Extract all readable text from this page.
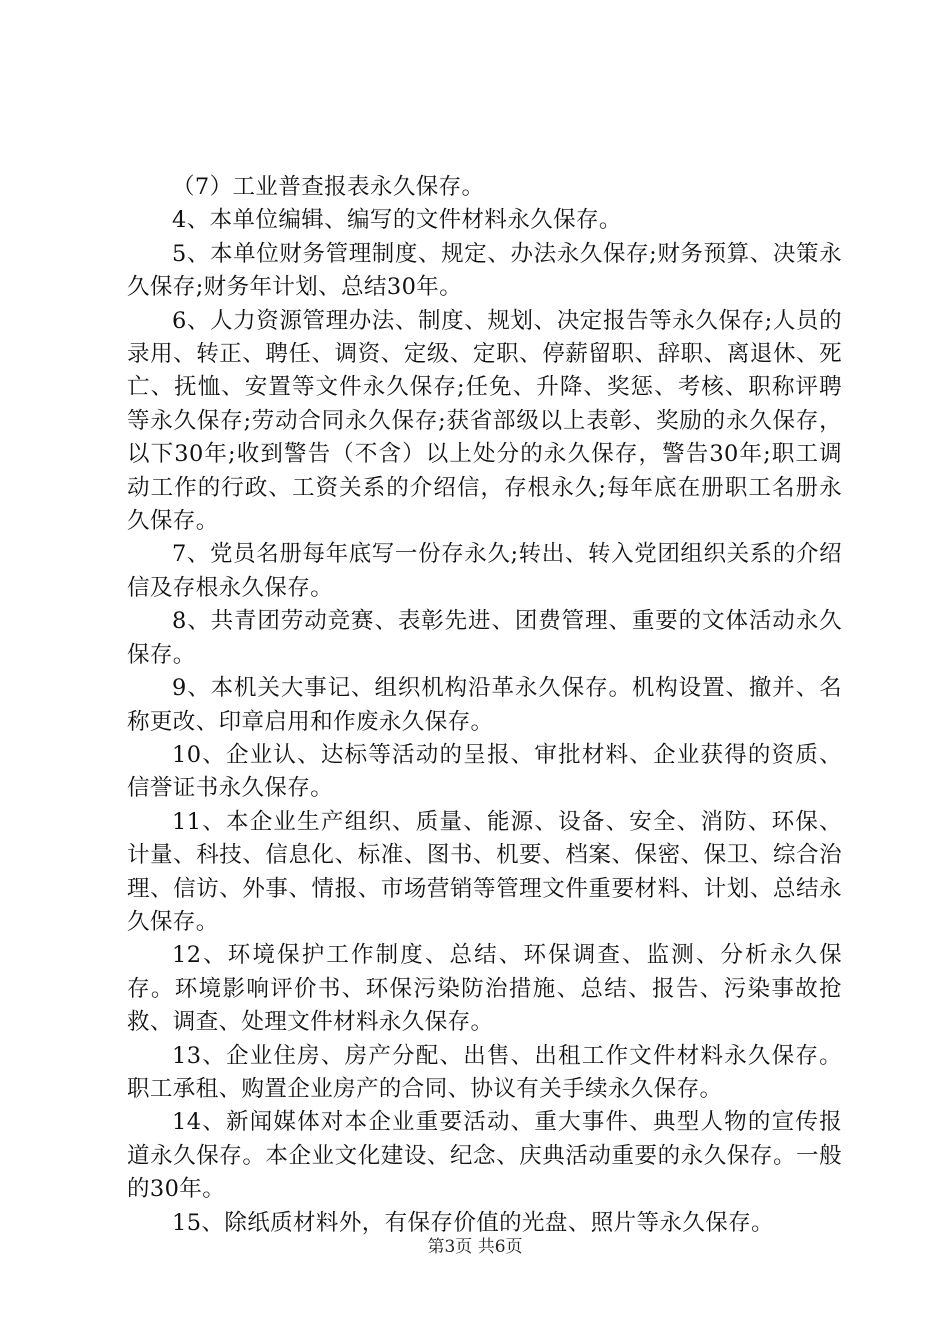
（7）工业普查报表永久保存。

4、本单位编辑、编写的文件材料永久保存。

5、本单位财务管理制度、规定、办法永久保存;财务预算、决策永久保存;财务年计划、总结30年。

6、人力资源管理办法、制度、规划、决定报告等永久保存;人员的录用、转正、聘任、调资、定级、定职、停薪留职、辞职、离退休、死亡、抚恤、安置等文件永久保存;任免、升降、奖惩、考核、职称评聘等永久保存;劳动合同永久保存;获省部级以上表彰、奖励的永久保存，以下30年;收到警告（不含）以上处分的永久保存，警告30年;职工调动工作的行政、工资关系的介绍信，存根永久;每年底在册职工名册永久保存。

7、党员名册每年底写一份存永久;转出、转入党团组织关系的介绍信及存根永久保存。

8、共青团劳动竞赛、表彰先进、团费管理、重要的文体活动永久保存。

9、本机关大事记、组织机构沿革永久保存。机构设置、撤并、名称更改、印章启用和作废永久保存。

10、企业认、达标等活动的呈报、审批材料、企业获得的资质、信誉证书永久保存。

11、本企业生产组织、质量、能源、设备、安全、消防、环保、计量、科技、信息化、标准、图书、机要、档案、保密、保卫、综合治理、信访、外事、情报、市场营销等管理文件重要材料、计划、总结永久保存。

12、环境保护工作制度、总结、环保调查、监测、分析永久保存。环境影响评价书、环保污染防治措施、总结、报告、污染事故抢救、调查、处理文件材料永久保存。

13、企业住房、房产分配、出售、出租工作文件材料永久保存。职工承租、购置企业房产的合同、协议有关手续永久保存。

14、新闻媒体对本企业重要活动、重大事件、典型人物的宣传报道永久保存。本企业文化建设、纪念、庆典活动重要的永久保存。一般的30年。

15、除纸质材料外，有保存价值的光盘、照片等永久保存。

第3页 共6页
